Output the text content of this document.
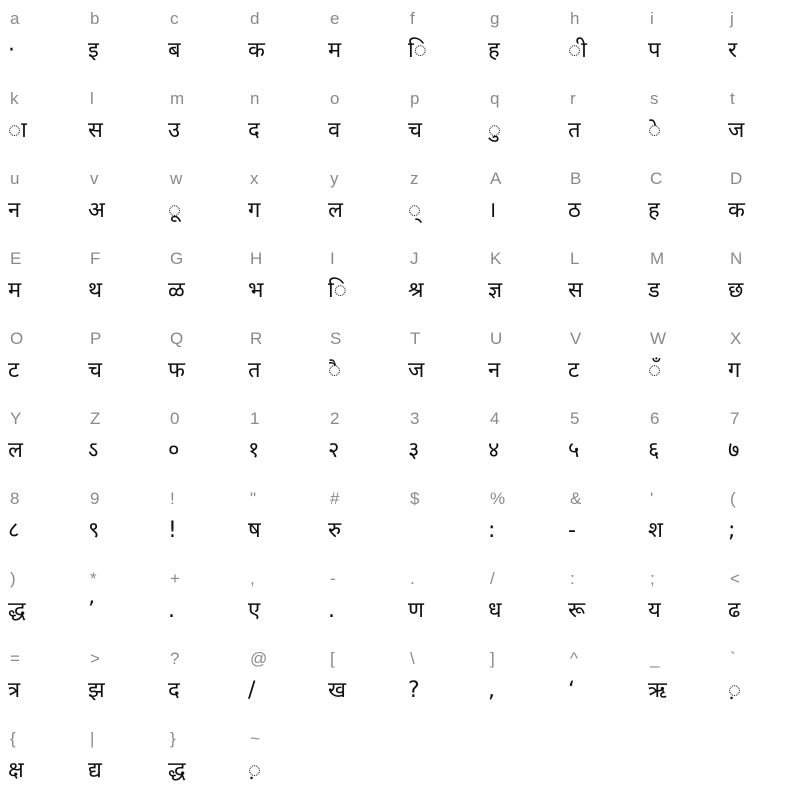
a
·
b
इ
c
ब
d
क
e
म
f
ि
g
ह
h
ी
i
प
j
र
k
ा
l
स
m
उ
n
द
o
व
p
च
q
ु
r
त
s
े
t
ज
u
न
v
अ
w
ू
x
ग
y
ल
z
्
A
।
B
ठ
C
ह
D
क
E
म
F
थ
G
ळ
H
भ
I
ि
J
श्र
K
ज्ञ
L
स
M
ड
N
छ
O
ट
P
च
Q
फ
R
त
S
ै
T
ज
U
न
V
ट
W
ँ
X
ग
Y
ल
Z
ऽ
0
०
1
१
2
२
3
३
4
४
5
५
6
६
7
७
8
८
9
९
!
!
"
ष
#
रु
$	%
:
&
-
'
श
(
;
)
द्ध
*
’
+
.
,
ए
-
.
.
ण
/
ध
:
रू
;
य
<
ढ
=
त्र
>
झ
?
द
@
/
[
ख
\
?
]
,
^
‘
_
ऋ
`
़
{
क्ष
|
द्य
}
द्ध
~
़
